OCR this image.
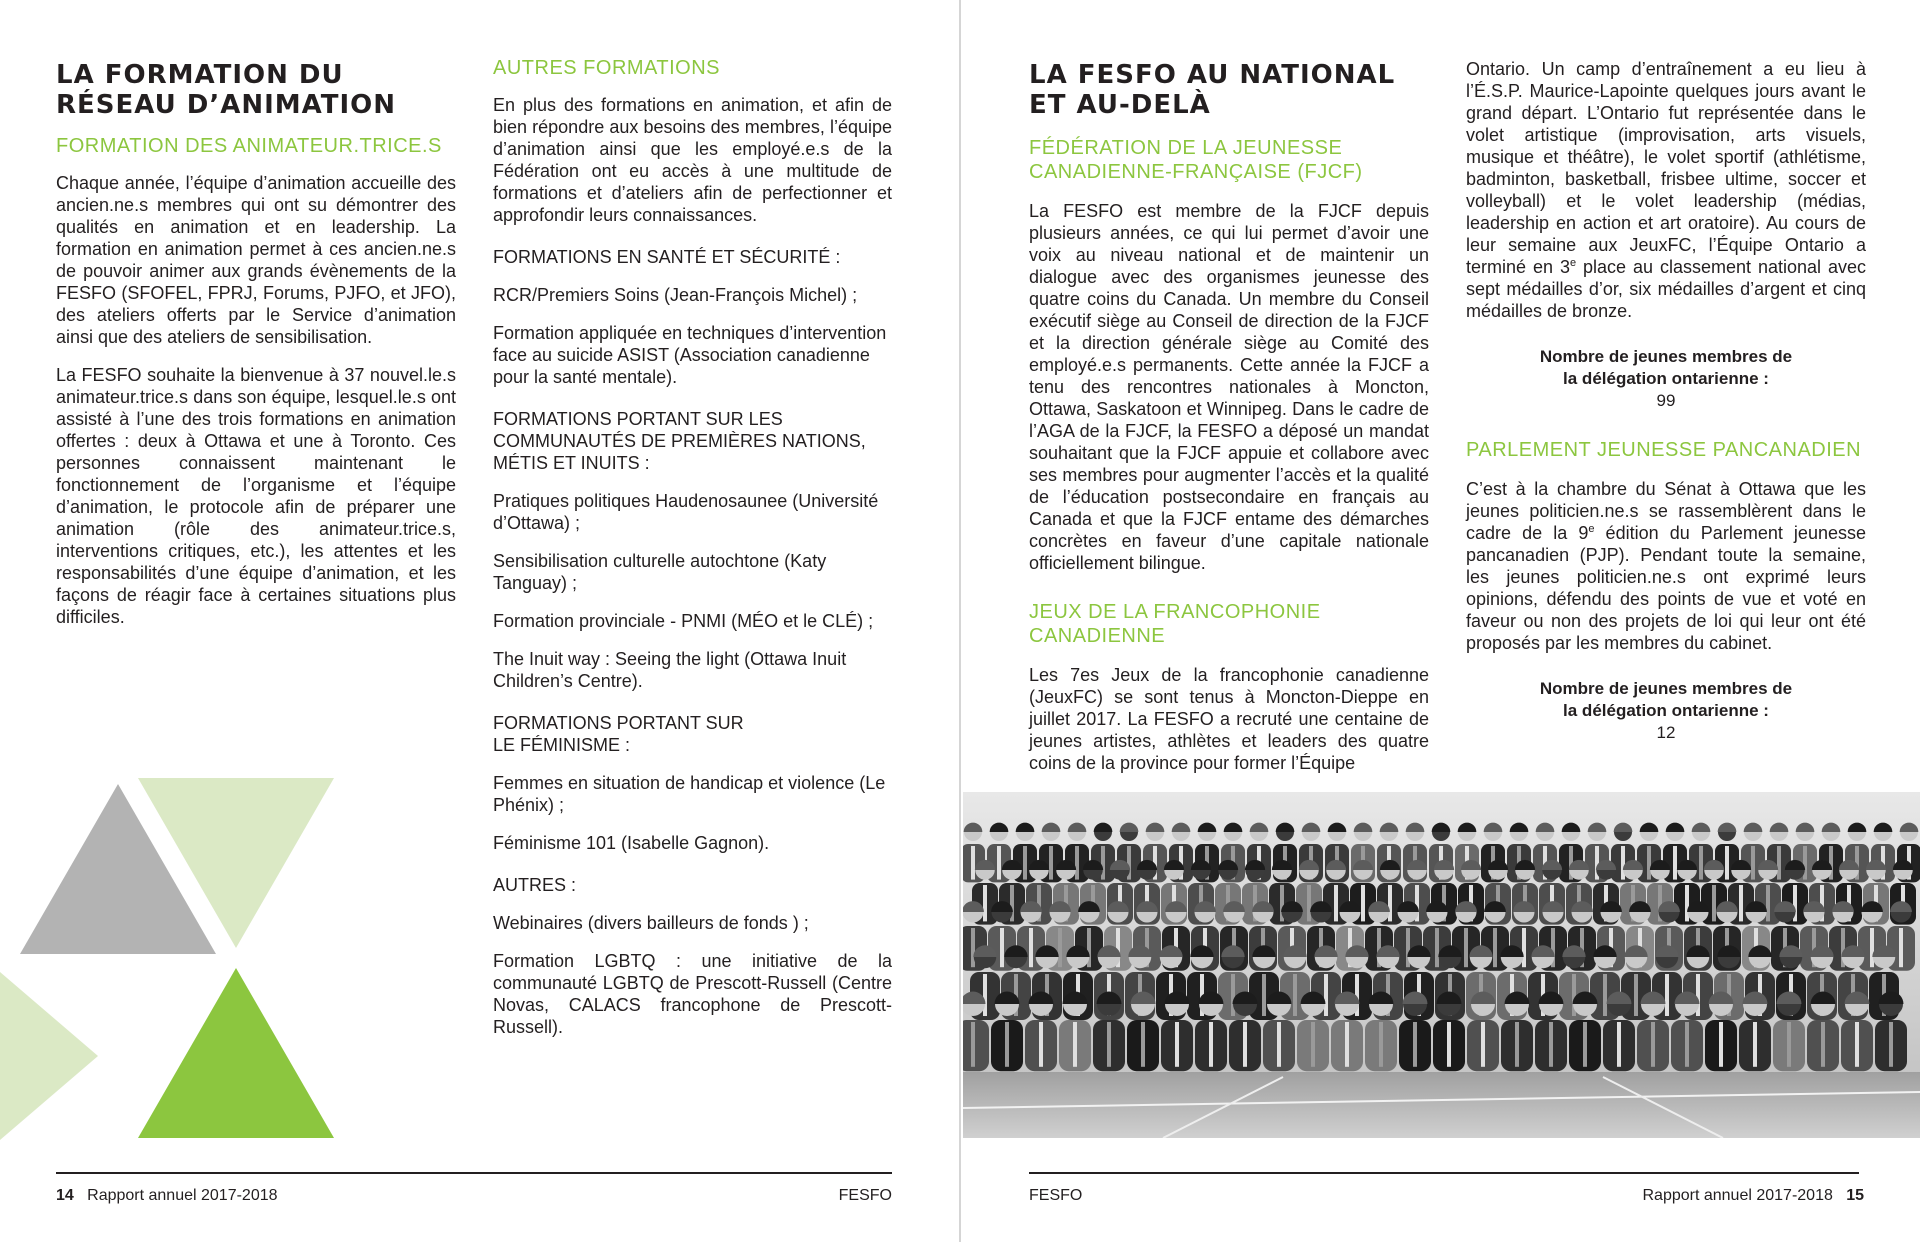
LA FORMATION DU
RÉSEAU D’ANIMATION
FORMATION DES ANIMATEUR.TRICE.S

Chaque année, l’équipe d’animation accueille des ancien.ne.s membres qui ont su démontrer des qualités en animation et en leadership. La formation en animation permet à ces ancien.ne.s de pouvoir animer aux grands évènements de la FESFO (SFOFEL, FPRJ, Forums, PJFO, et JFO), des ateliers offerts par le Service d’animation ainsi que des ateliers de sensibilisation.

La FESFO souhaite la bienvenue à 37 nouvel.le.s animateur.trice.s dans son équipe, lesquel.le.s ont assisté à l’une des trois formations en animation offertes : deux à Ottawa et une à Toronto. Ces personnes connaissent maintenant le fonctionnement de l’organisme et l’équipe d’animation, le protocole afin de préparer une animation (rôle des animateur.trice.s, interventions critiques, etc.), les attentes et les responsabilités d’une équipe d’animation, et les façons de réagir face à certaines situations plus difficiles.

AUTRES FORMATIONS

En plus des formations en animation, et afin de bien répondre aux besoins des membres, l’équipe d’animation ainsi que les employé.e.s de la Fédération ont eu accès à une multitude de formations et d’ateliers afin de perfectionner et approfondir leurs connaissances.

FORMATIONS EN SANTÉ ET SÉCURITÉ :

RCR/Premiers Soins (Jean-François Michel) ;

Formation appliquée en techniques d’intervention face au suicide ASIST (Association canadienne pour la santé mentale).

FORMATIONS PORTANT SUR LES COMMUNAUTÉS DE PREMIÈRES NATIONS, MÉTIS ET INUITS :

Pratiques politiques Haudenosaunee (Université d’Ottawa) ;

Sensibilisation culturelle autochtone (Katy Tanguay) ;

Formation provinciale - PNMI (MÉO et le CLÉ) ;

The Inuit way : Seeing the light (Ottawa Inuit Children’s Centre).

FORMATIONS PORTANT SUR
LE FÉMINISME :

Femmes en situation de handicap et violence (Le Phénix) ;

Féminisme 101 (Isabelle Gagnon).

AUTRES :

Webinaires (divers bailleurs de fonds ) ;

Formation LGBTQ : une initiative de la communauté LGBTQ de Prescott-Russell (Centre Novas, CALACS francophone de Prescott-Russell).

14 Rapport annuel 2017-2018	FESFO
LA FESFO AU NATIONAL
ET AU-DELÀ
FÉDÉRATION DE LA JEUNESSE
CANADIENNE-FRANÇAISE (FJCF)

La FESFO est membre de la FJCF depuis plusieurs années, ce qui lui permet d’avoir une voix au niveau national et de maintenir un dialogue avec des organismes jeunesse des quatre coins du Canada. Un membre du Conseil exécutif siège au Conseil de direction de la FJCF et la direction générale siège au Comité des employé.e.s permanents. Cette année la FJCF a tenu des rencontres nationales à Moncton, Ottawa, Saskatoon et Winnipeg. Dans le cadre de l’AGA de la FJCF, la FESFO a déposé un mandat souhaitant que la FJCF appuie et collabore avec ses membres pour augmenter l’accès et la qualité de l’éducation postsecondaire en français au Canada et que la FJCF entame des démarches concrètes en faveur d’une capitale nationale officiellement bilingue.

JEUX DE LA FRANCOPHONIE
CANADIENNE

Les 7es Jeux de la francophonie canadienne (JeuxFC) se sont tenus à Moncton-Dieppe en juillet 2017. La FESFO a recruté une centaine de jeunes artistes, athlètes et leaders des quatre coins de la province pour former l’Équipe

Ontario. Un camp d’entraînement a eu lieu à l’É.S.P. Maurice-Lapointe quelques jours avant le grand départ. L’Ontario fut représentée dans le volet artistique (improvisation, arts visuels, musique et théâtre), le volet sportif (athlétisme, badminton, basketball, frisbee ultime, soccer et volleyball) et le volet leadership (médias, leadership en action et art oratoire). Au cours de leur semaine aux JeuxFC, l’Équipe Ontario a terminé en 3e place au classement national avec sept médailles d’or, six médailles d’argent et cinq médailles de bronze.

Nombre de jeunes membres de

la délégation ontarienne :

99

PARLEMENT JEUNESSE PANCANADIEN

C’est à la chambre du Sénat à Ottawa que les jeunes politicien.ne.s se rassemblèrent dans le cadre de la 9e édition du Parlement jeunesse pancanadien (PJP). Pendant toute la semaine, les jeunes politicien.ne.s ont exprimé leurs opinions, défendu des points de vue et voté en faveur ou non des projets de loi qui leur ont été proposés par les membres du cabinet.

Nombre de jeunes membres de

la délégation ontarienne :

12

FESFO	Rapport annuel 2017-2018 15
